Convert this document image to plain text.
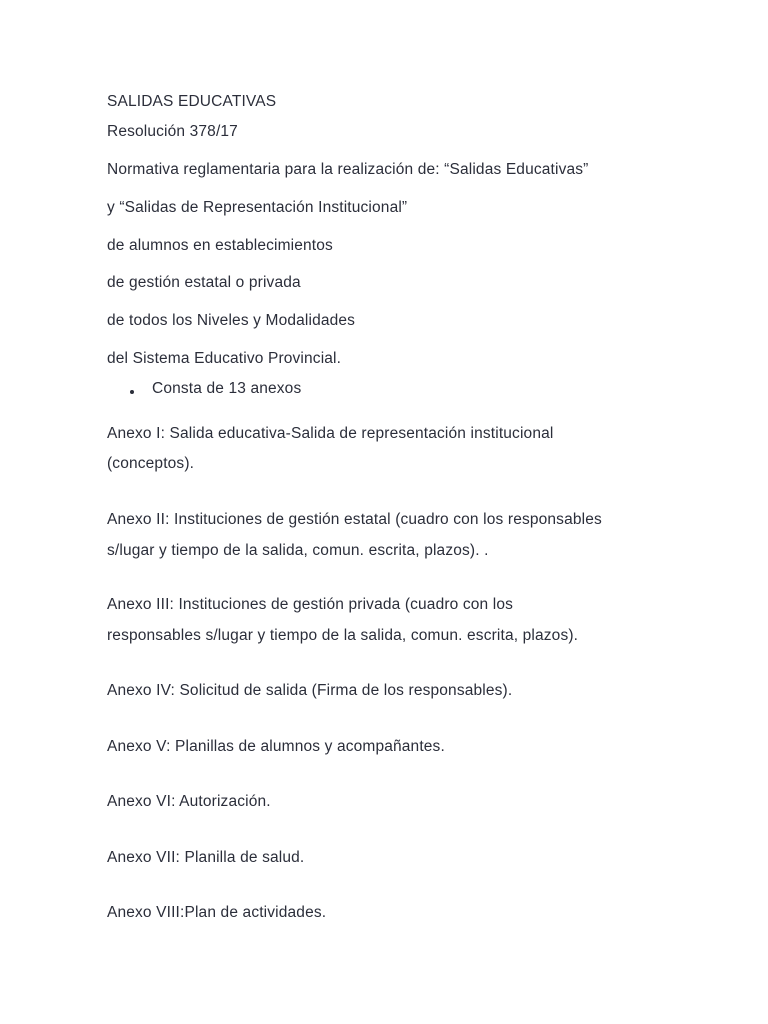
SALIDAS EDUCATIVAS
Resolución 378/17
Normativa reglamentaria para la realización de: “Salidas Educativas”
y “Salidas de Representación Institucional”
de alumnos en establecimientos
de gestión estatal o privada
de todos los Niveles y Modalidades
del Sistema Educativo Provincial.
Consta de 13 anexos
Anexo I: Salida educativa-Salida de representación institucional
(conceptos).
Anexo II: Instituciones de gestión estatal (cuadro con los responsables
s/lugar y tiempo de la salida, comun. escrita, plazos). .
Anexo III: Instituciones de gestión privada (cuadro con los
responsables s/lugar y tiempo de la salida, comun. escrita, plazos).
Anexo IV: Solicitud de salida (Firma de los responsables).
Anexo V: Planillas de alumnos y acompañantes.
Anexo VI: Autorización.
Anexo VII: Planilla de salud.
Anexo VIII:Plan de actividades.
